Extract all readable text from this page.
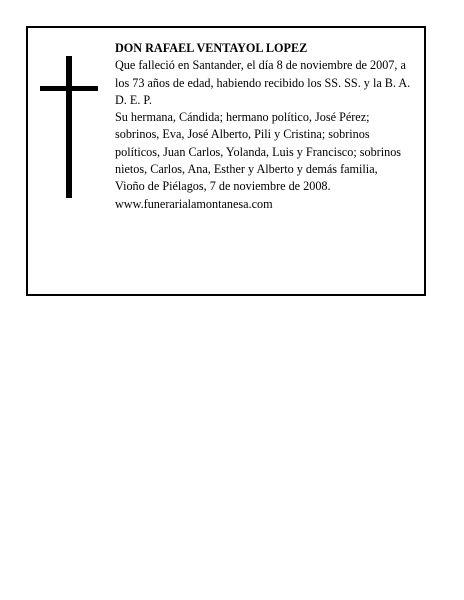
DON RAFAEL VENTAYOL LOPEZ

Que falleció en Santander, el día 8 de noviembre de 2007, a los 73 años de edad, habiendo recibido los SS. SS. y la B. A.

D. E. P.

Su hermana, Cándida; hermano político, José Pérez; sobrinos, Eva, José Alberto, Pili y Cristina; sobrinos políticos, Juan Carlos, Yolanda, Luis y Francisco; sobrinos nietos, Carlos, Ana, Esther y Alberto y demás familia,

Vioño de Piélagos, 7 de noviembre de 2008.

www.funerarialamontanesa.com
